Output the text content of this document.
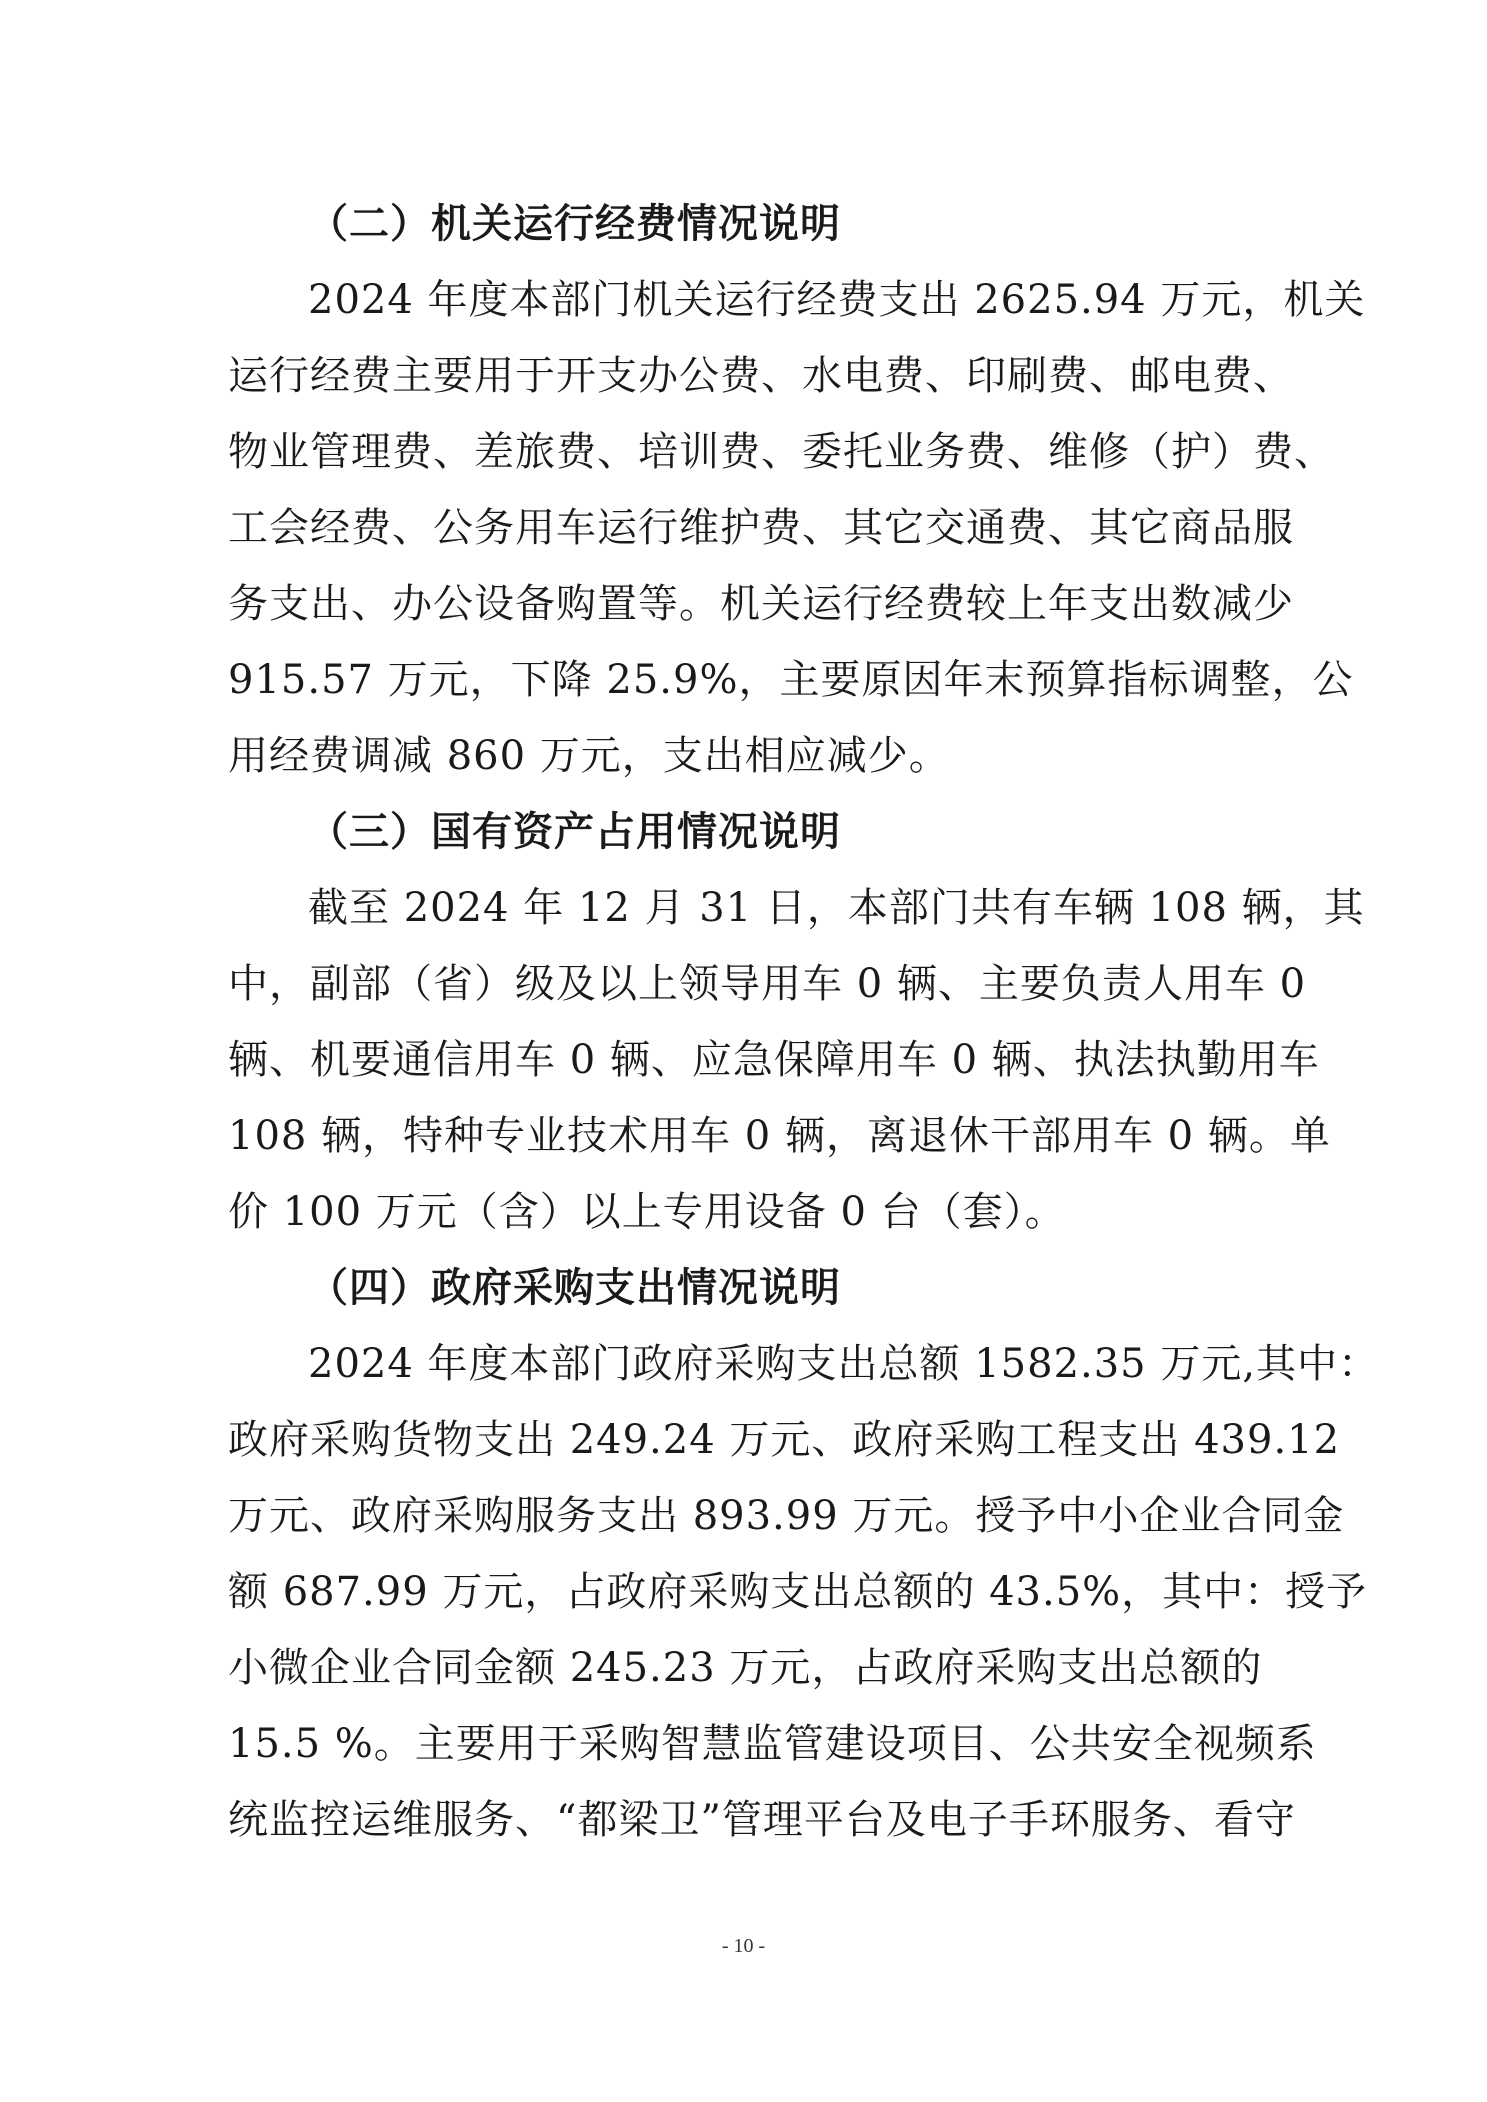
（二）机关运行经费情况说明

2024 年度本部门机关运行经费支出 2625.94 万元，机关
运行经费主要用于开支办公费、水电费、印刷费、邮电费、
物业管理费、差旅费、培训费、委托业务费、维修（护）费、
工会经费、公务用车运行维护费、其它交通费、其它商品服
务支出、办公设备购置等。机关运行经费较上年支出数减少
915.57 万元，下降 25.9%，主要原因年末预算指标调整，公
用经费调减 860 万元，支出相应减少。

（三）国有资产占用情况说明

截至 2024 年 12 月 31 日，本部门共有车辆 108 辆，其
中，副部（省）级及以上领导用车 0 辆、主要负责人用车 0
辆、机要通信用车 0 辆、应急保障用车 0 辆、执法执勤用车
108 辆，特种专业技术用车 0 辆，离退休干部用车 0 辆。单
价 100 万元（含）以上专用设备 0 台（套）。

（四）政府采购支出情况说明

2024 年度本部门政府采购支出总额 1582.35 万元,其中：
政府采购货物支出 249.24 万元、政府采购工程支出 439.12
万元、政府采购服务支出 893.99 万元。授予中小企业合同金
额 687.99 万元，占政府采购支出总额的 43.5%，其中：授予
小微企业合同金额 245.23 万元，占政府采购支出总额的
15.5 %。主要用于采购智慧监管建设项目、公共安全视频系
统监控运维服务、“都梁卫”管理平台及电子手环服务、看守

- 10 -
